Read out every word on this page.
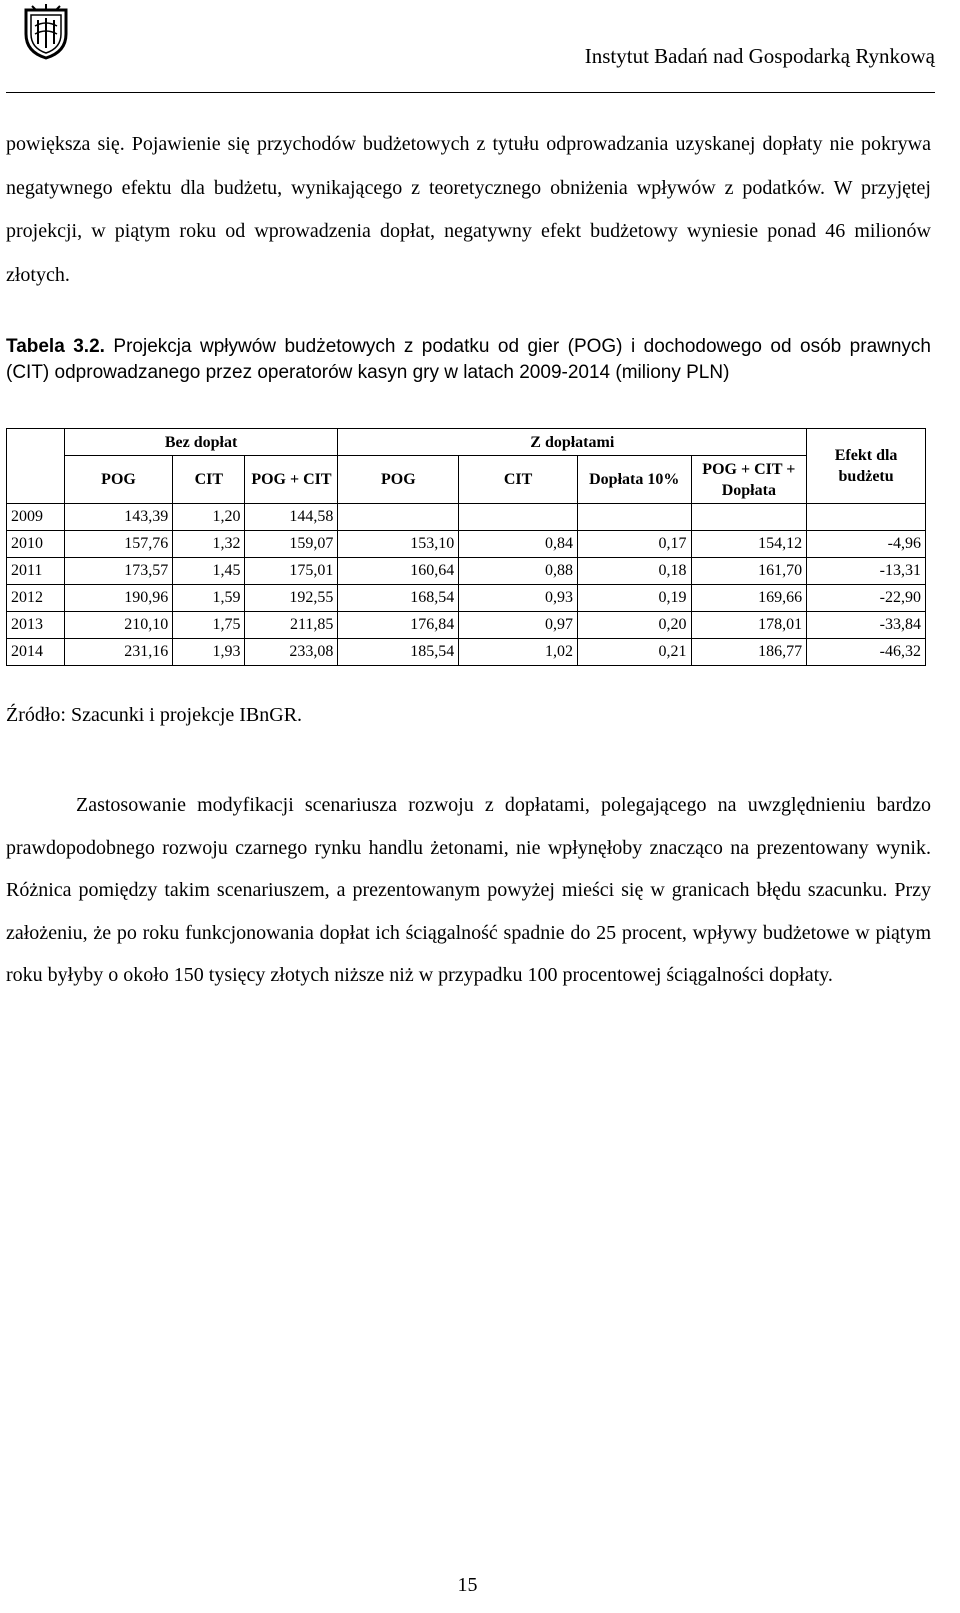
Instytut Badań nad Gospodarką Rynkową

powiększa się. Pojawienie się przychodów budżetowych z tytułu odprowadzania uzyskanej dopłaty nie pokrywa negatywnego efektu dla budżetu, wynikającego z teoretycznego obniżenia wpływów z podatków. W przyjętej projekcji, w piątym roku od wprowadzenia dopłat, negatywny efekt budżetowy wyniesie ponad 46 milionów złotych.

Tabela 3.2. Projekcja wpływów budżetowych z podatku od gier (POG) i dochodowego od osób prawnych (CIT) odprowadzanego przez operatorów kasyn gry w latach 2009-2014 (miliony PLN)

	Bez dopłat			Z dopłatami				Efekt dla budżetu
	POG	CIT	POG + CIT	POG	CIT	Dopłata 10%	POG + CIT + Dopłata	
2009	143,39	1,20	144,58					
2010	157,76	1,32	159,07	153,10	0,84	0,17	154,12	-4,96
2011	173,57	1,45	175,01	160,64	0,88	0,18	161,70	-13,31
2012	190,96	1,59	192,55	168,54	0,93	0,19	169,66	-22,90
2013	210,10	1,75	211,85	176,84	0,97	0,20	178,01	-33,84
2014	231,16	1,93	233,08	185,54	1,02	0,21	186,77	-46,32
Źródło: Szacunki i projekcje IBnGR.

Zastosowanie modyfikacji scenariusza rozwoju z dopłatami, polegającego na uwzględnieniu bardzo prawdopodobnego rozwoju czarnego rynku handlu żetonami, nie wpłynęłoby znacząco na prezentowany wynik. Różnica pomiędzy takim scenariuszem, a prezentowanym powyżej mieści się w granicach błędu szacunku. Przy założeniu, że po roku funkcjonowania dopłat ich ściągalność spadnie do 25 procent, wpływy budżetowe w piątym roku byłyby o około 150 tysięcy złotych niższe niż w przypadku 100 procentowej ściągalności dopłaty.

15
